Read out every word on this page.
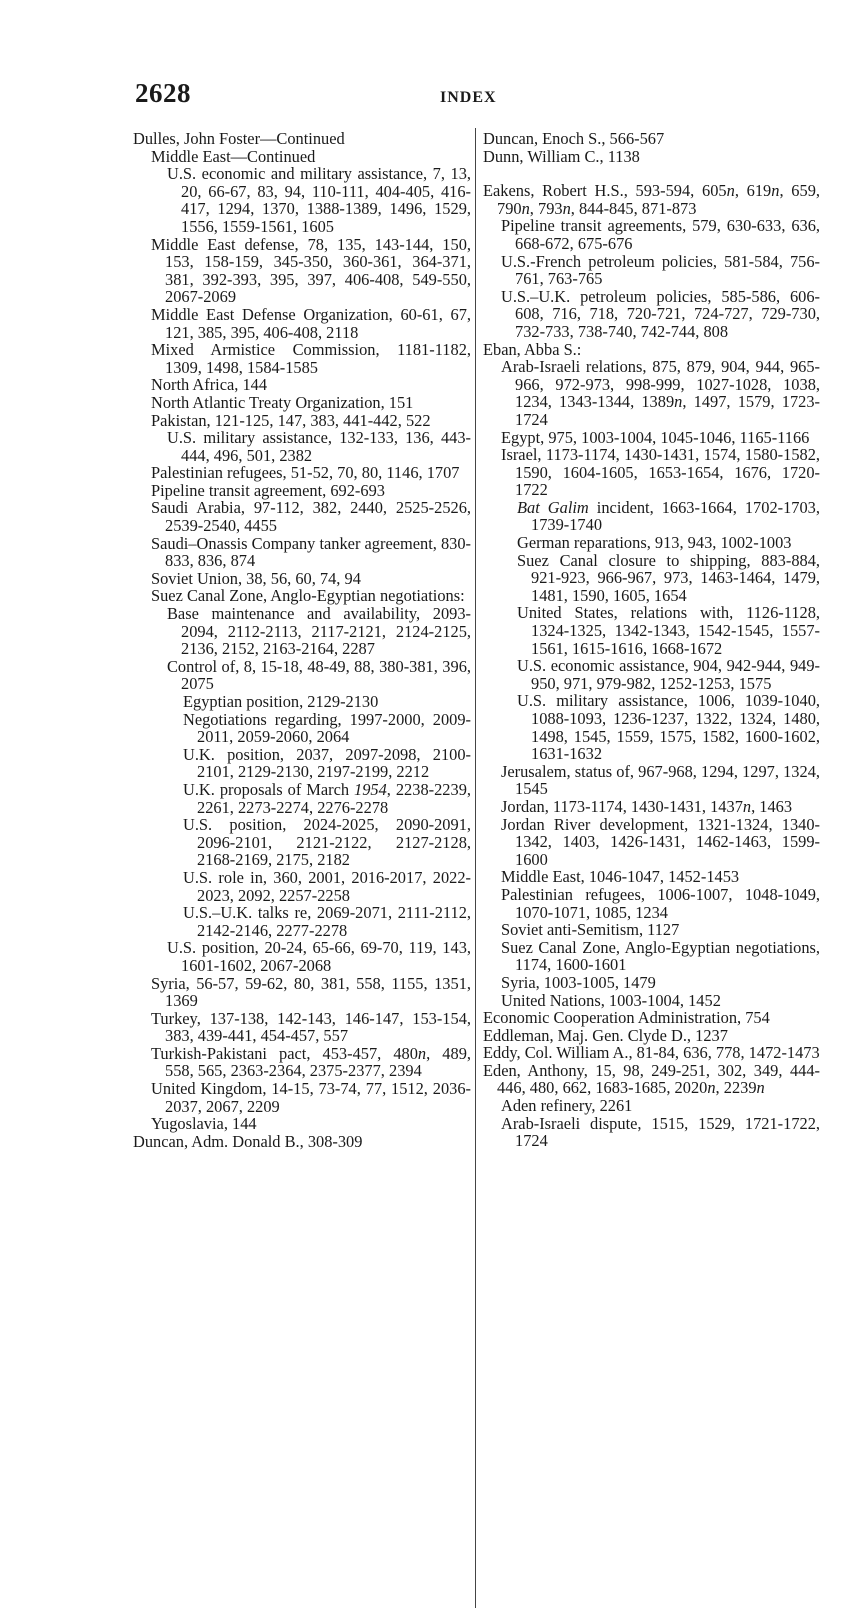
2628	INDEX

Dulles, John Foster—Continued

Middle East—Continued

U.S. economic and military assistance, 7, 13, 20, 66-67, 83, 94, 110-111, 404-405, 416-417, 1294, 1370, 1388-1389, 1496, 1529, 1556, 1559-1561, 1605

Middle East defense, 78, 135, 143-144, 150, 153, 158-159, 345-350, 360-361, 364-371, 381, 392-393, 395, 397, 406-408, 549-550, 2067-2069

Middle East Defense Organization, 60-61, 67, 121, 385, 395, 406-408, 2118

Mixed Armistice Commission, 1181-1182, 1309, 1498, 1584-1585

North Africa, 144

North Atlantic Treaty Organization, 151

Pakistan, 121-125, 147, 383, 441-442, 522

U.S. military assistance, 132-133, 136, 443-444, 496, 501, 2382

Palestinian refugees, 51-52, 70, 80, 1146, 1707

Pipeline transit agreement, 692-693

Saudi Arabia, 97-112, 382, 2440, 2525-2526, 2539-2540, 4455

Saudi–Onassis Company tanker agreement, 830-833, 836, 874

Soviet Union, 38, 56, 60, 74, 94

Suez Canal Zone, Anglo-Egyptian negotiations:

Base maintenance and availability, 2093-2094, 2112-2113, 2117-2121, 2124-2125, 2136, 2152, 2163-2164, 2287

Control of, 8, 15-18, 48-49, 88, 380-381, 396, 2075

Egyptian position, 2129-2130

Negotiations regarding, 1997-2000, 2009-2011, 2059-2060, 2064

U.K. position, 2037, 2097-2098, 2100-2101, 2129-2130, 2197-2199, 2212

U.K. proposals of March 1954, 2238-2239, 2261, 2273-2274, 2276-2278

U.S. position, 2024-2025, 2090-2091, 2096-2101, 2121-2122, 2127-2128, 2168-2169, 2175, 2182

U.S. role in, 360, 2001, 2016-2017, 2022-2023, 2092, 2257-2258

U.S.–U.K. talks re, 2069-2071, 2111-2112, 2142-2146, 2277-2278

U.S. position, 20-24, 65-66, 69-70, 119, 143, 1601-1602, 2067-2068

Syria, 56-57, 59-62, 80, 381, 558, 1155, 1351, 1369

Turkey, 137-138, 142-143, 146-147, 153-154, 383, 439-441, 454-457, 557

Turkish-Pakistani pact, 453-457, 480n, 489, 558, 565, 2363-2364, 2375-2377, 2394

United Kingdom, 14-15, 73-74, 77, 1512, 2036-2037, 2067, 2209

Yugoslavia, 144

Duncan, Adm. Donald B., 308-309

Duncan, Enoch S., 566-567

Dunn, William C., 1138

Eakens, Robert H.S., 593-594, 605n, 619n, 659, 790n, 793n, 844-845, 871-873

Pipeline transit agreements, 579, 630-633, 636, 668-672, 675-676

U.S.-French petroleum policies, 581-584, 756-761, 763-765

U.S.–U.K. petroleum policies, 585-586, 606-608, 716, 718, 720-721, 724-727, 729-730, 732-733, 738-740, 742-744, 808

Eban, Abba S.:

Arab-Israeli relations, 875, 879, 904, 944, 965-966, 972-973, 998-999, 1027-1028, 1038, 1234, 1343-1344, 1389n, 1497, 1579, 1723-1724

Egypt, 975, 1003-1004, 1045-1046, 1165-1166

Israel, 1173-1174, 1430-1431, 1574, 1580-1582, 1590, 1604-1605, 1653-1654, 1676, 1720-1722

Bat Galim incident, 1663-1664, 1702-1703, 1739-1740

German reparations, 913, 943, 1002-1003

Suez Canal closure to shipping, 883-884, 921-923, 966-967, 973, 1463-1464, 1479, 1481, 1590, 1605, 1654

United States, relations with, 1126-1128, 1324-1325, 1342-1343, 1542-1545, 1557-1561, 1615-1616, 1668-1672

U.S. economic assistance, 904, 942-944, 949-950, 971, 979-982, 1252-1253, 1575

U.S. military assistance, 1006, 1039-1040, 1088-1093, 1236-1237, 1322, 1324, 1480, 1498, 1545, 1559, 1575, 1582, 1600-1602, 1631-1632

Jerusalem, status of, 967-968, 1294, 1297, 1324, 1545

Jordan, 1173-1174, 1430-1431, 1437n, 1463

Jordan River development, 1321-1324, 1340-1342, 1403, 1426-1431, 1462-1463, 1599-1600

Middle East, 1046-1047, 1452-1453

Palestinian refugees, 1006-1007, 1048-1049, 1070-1071, 1085, 1234

Soviet anti-Semitism, 1127

Suez Canal Zone, Anglo-Egyptian negotiations, 1174, 1600-1601

Syria, 1003-1005, 1479

United Nations, 1003-1004, 1452

Economic Cooperation Administration, 754

Eddleman, Maj. Gen. Clyde D., 1237

Eddy, Col. William A., 81-84, 636, 778, 1472-1473

Eden, Anthony, 15, 98, 249-251, 302, 349, 444-446, 480, 662, 1683-1685, 2020n, 2239n

Aden refinery, 2261

Arab-Israeli dispute, 1515, 1529, 1721-1722, 1724
